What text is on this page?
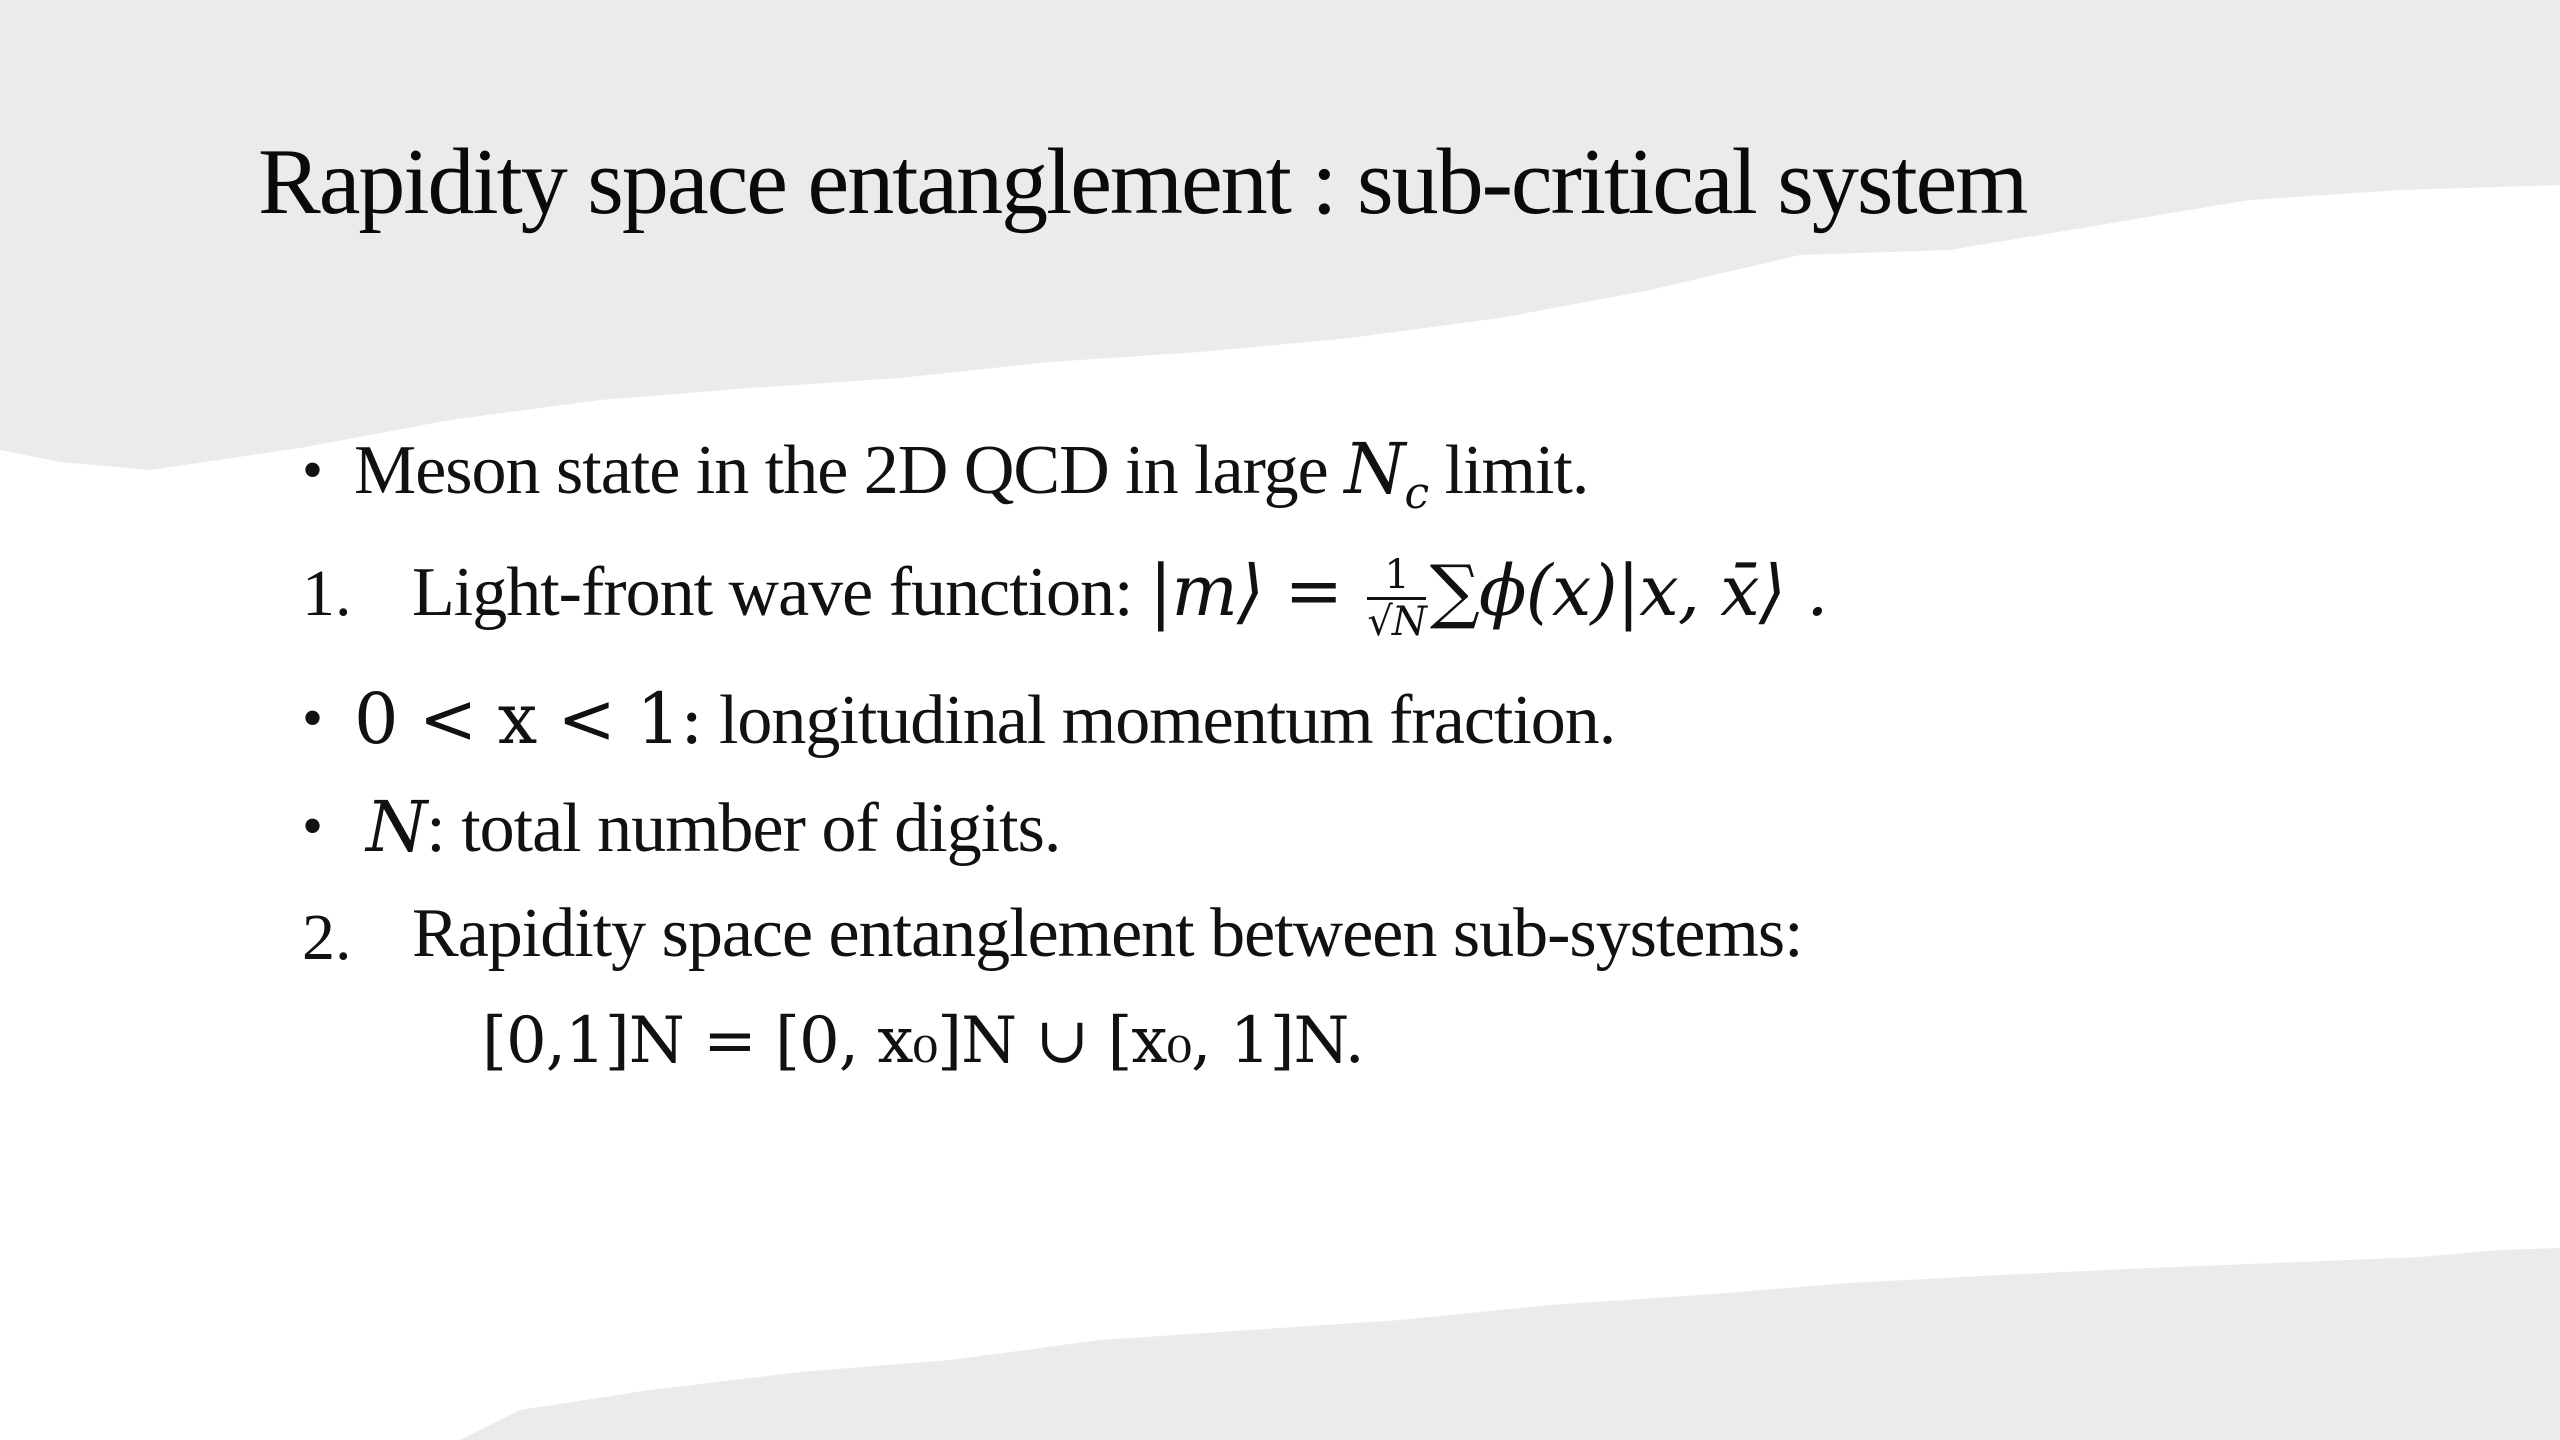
Rapidity space entanglement : sub-critical system
Meson state in the 2D QCD in large $N_c$ limit.
•
1. Light-front wave function: |m⟩ = $\frac{1}{√N} \sum\phi(x)|x$, x̄⟩ .
• 0 < x < 1: longitudinal momentum fraction.
• N: total number of digits.
2. Rapidity space entanglement between sub-systems:
[0,1]N = [0, x₀]N ∪ [x₀, 1]N.
